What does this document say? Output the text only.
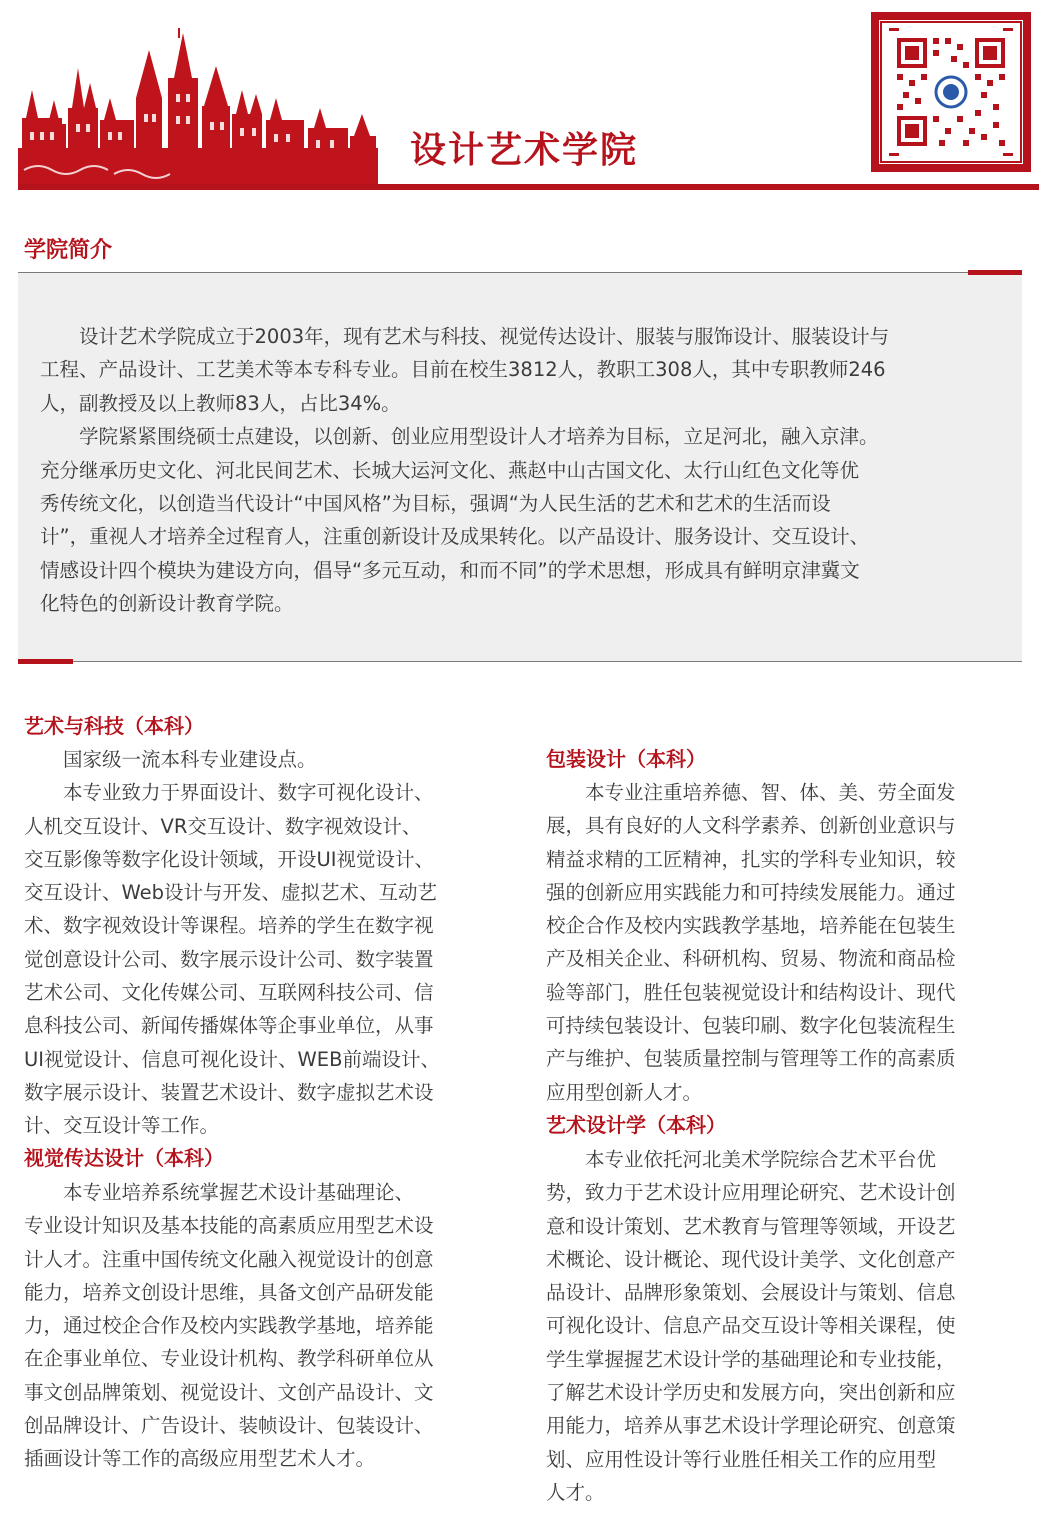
设计艺术学院
学院简介
　　设计艺术学院成立于2003年，现有艺术与科技、视觉传达设计、服装与服饰设计、服装设计与
工程、产品设计、工艺美术等本专科专业。目前在校生3812人，教职工308人，其中专职教师246
人，副教授及以上教师83人，占比34%。
　　学院紧紧围绕硕士点建设，以创新、创业应用型设计人才培养为目标，立足河北，融入京津。
充分继承历史文化、河北民间艺术、长城大运河文化、燕赵中山古国文化、太行山红色文化等优
秀传统文化，以创造当代设计“中国风格”为目标，强调“为人民生活的艺术和艺术的生活而设
计”，重视人才培养全过程育人，注重创新设计及成果转化。以产品设计、服务设计、交互设计、
情感设计四个模块为建设方向，倡导“多元互动，和而不同”的学术思想，形成具有鲜明京津冀文
化特色的创新设计教育学院。
艺术与科技（本科）
　　国家级一流本科专业建设点。
　　本专业致力于界面设计、数字可视化设计、
人机交互设计、VR交互设计、数字视效设计、
交互影像等数字化设计领域，开设UI视觉设计、
交互设计、Web设计与开发、虚拟艺术、互动艺
术、数字视效设计等课程。培养的学生在数字视
觉创意设计公司、数字展示设计公司、数字装置
艺术公司、文化传媒公司、互联网科技公司、信
息科技公司、新闻传播媒体等企事业单位，从事
UI视觉设计、信息可视化设计、WEB前端设计、
数字展示设计、装置艺术设计、数字虚拟艺术设
计、交互设计等工作。
视觉传达设计（本科）
　　本专业培养系统掌握艺术设计基础理论、
专业设计知识及基本技能的高素质应用型艺术设
计人才。注重中国传统文化融入视觉设计的创意
能力，培养文创设计思维，具备文创产品研发能
力，通过校企合作及校内实践教学基地，培养能
在企事业单位、专业设计机构、教学科研单位从
事文创品牌策划、视觉设计、文创产品设计、文
创品牌设计、广告设计、装帧设计、包装设计、
插画设计等工作的高级应用型艺术人才。
包装设计（本科）
　　本专业注重培养德、智、体、美、劳全面发
展，具有良好的人文科学素养、创新创业意识与
精益求精的工匠精神，扎实的学科专业知识，较
强的创新应用实践能力和可持续发展能力。通过
校企合作及校内实践教学基地，培养能在包装生
产及相关企业、科研机构、贸易、物流和商品检
验等部门，胜任包装视觉设计和结构设计、现代
可持续包装设计、包装印刷、数字化包装流程生
产与维护、包装质量控制与管理等工作的高素质
应用型创新人才。
艺术设计学（本科）
　　本专业依托河北美术学院综合艺术平台优
势，致力于艺术设计应用理论研究、艺术设计创
意和设计策划、艺术教育与管理等领域，开设艺
术概论、设计概论、现代设计美学、文化创意产
品设计、品牌形象策划、会展设计与策划、信息
可视化设计、信息产品交互设计等相关课程，使
学生掌握握艺术设计学的基础理论和专业技能，
了解艺术设计学历史和发展方向，突出创新和应
用能力，培养从事艺术设计学理论研究、创意策
划、应用性设计等行业胜任相关工作的应用型
人才。
